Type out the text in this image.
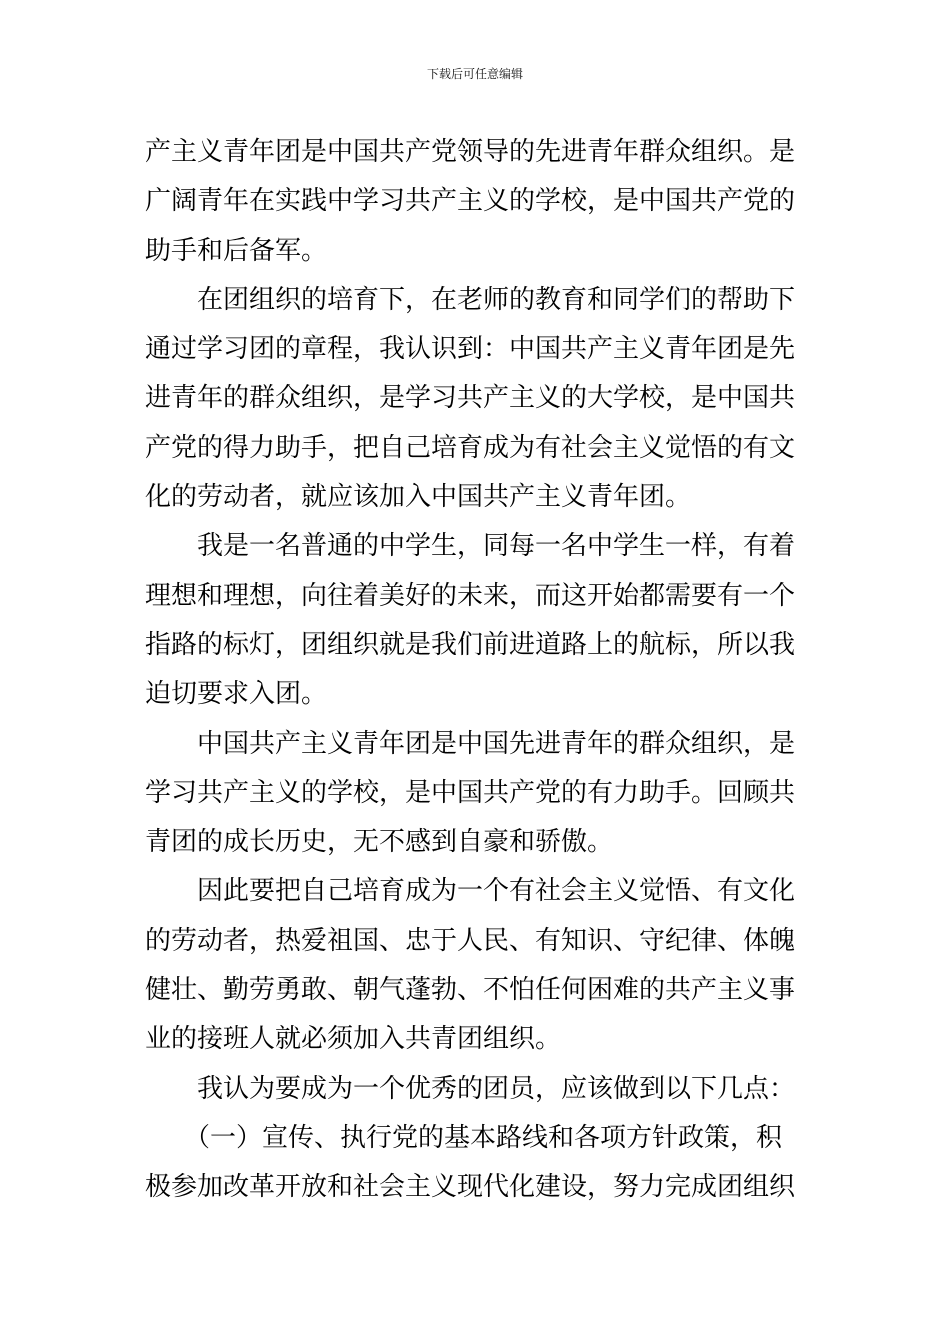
下载后可任意编辑
产主义青年团是中国共产党领导的先进青年群众组织。是
广阔青年在实践中学习共产主义的学校，是中国共产党的
助手和后备军。
　　在团组织的培育下，在老师的教育和同学们的帮助下
通过学习团的章程，我认识到：中国共产主义青年团是先
进青年的群众组织，是学习共产主义的大学校，是中国共
产党的得力助手，把自己培育成为有社会主义觉悟的有文
化的劳动者，就应该加入中国共产主义青年团。
　　我是一名普通的中学生，同每一名中学生一样，有着
理想和理想，向往着美好的未来，而这开始都需要有一个
指路的标灯，团组织就是我们前进道路上的航标，所以我
迫切要求入团。
　　中国共产主义青年团是中国先进青年的群众组织，是
学习共产主义的学校，是中国共产党的有力助手。回顾共
青团的成长历史，无不感到自豪和骄傲。
　　因此要把自己培育成为一个有社会主义觉悟、有文化
的劳动者，热爱祖国、忠于人民、有知识、守纪律、体魄
健壮、勤劳勇敢、朝气蓬勃、不怕任何困难的共产主义事
业的接班人就必须加入共青团组织。
　　我认为要成为一个优秀的团员，应该做到以下几点：
　　（一）宣传、执行党的基本路线和各项方针政策，积
极参加改革开放和社会主义现代化建设，努力完成团组织
